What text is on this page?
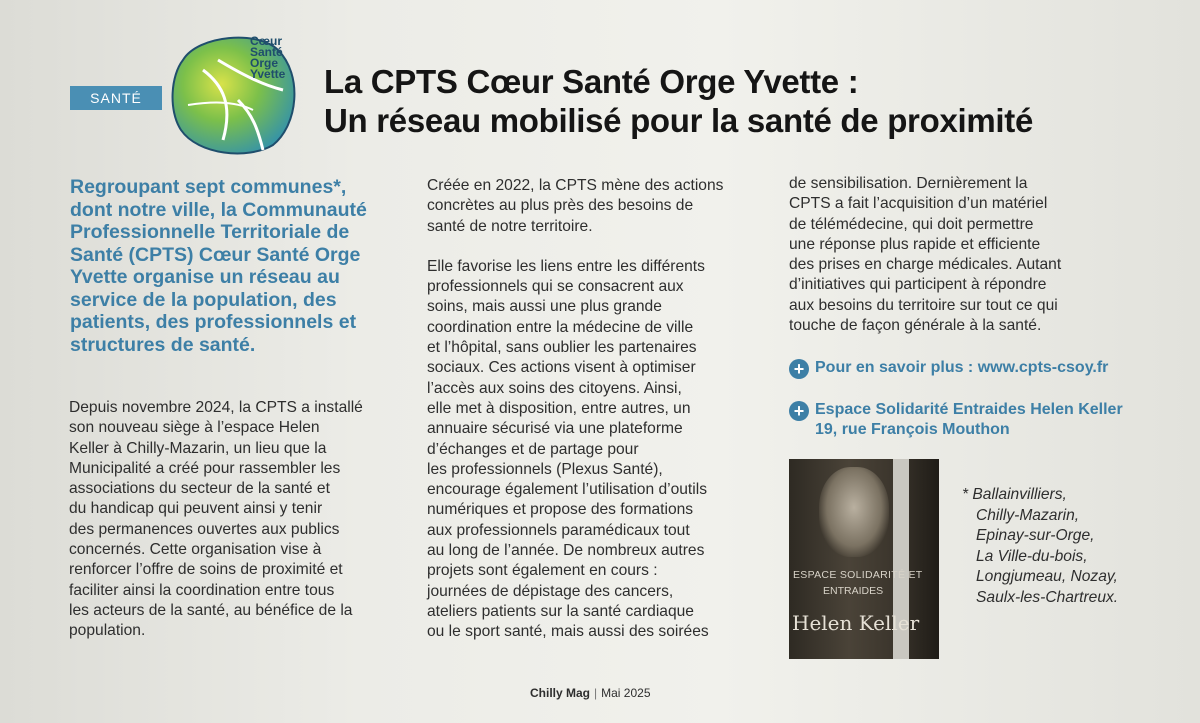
SANTÉ
Cœur
Santé
Orge
Yvette La CPTS Cœur Santé Orge Yvette :
Un réseau mobilisé pour la santé de proximité
Regroupant sept communes*,
dont notre ville, la Communauté
Professionnelle Territoriale de
Santé (CPTS) Cœur Santé Orge
Yvette organise un réseau au
service de la population, des
patients, des professionnels et
structures de santé.
Depuis novembre 2024, la CPTS a installé
son nouveau siège à l’espace Helen
Keller à Chilly-Mazarin, un lieu que la
Municipalité a créé pour rassembler les
associations du secteur de la santé et
du handicap qui peuvent ainsi y tenir
des permanences ouvertes aux publics
concernés. Cette organisation vise à
renforcer l’offre de soins de proximité et
faciliter ainsi la coordination entre tous
les acteurs de la santé, au bénéfice de la
population.

Créée en 2022, la CPTS mène des actions
concrètes au plus près des besoins de
santé de notre territoire.

Elle favorise les liens entre les différents
professionnels qui se consacrent aux
soins, mais aussi une plus grande
coordination entre la médecine de ville
et l’hôpital, sans oublier les partenaires
sociaux. Ces actions visent à optimiser
l’accès aux soins des citoyens. Ainsi,
elle met à disposition, entre autres, un
annuaire sécurisé via une plateforme
d’échanges et de partage pour
les professionnels (Plexus Santé),
encourage également l’utilisation d’outils
numériques et propose des formations
aux professionnels paramédicaux tout
au long de l’année. De nombreux autres
projets sont également en cours :
journées de dépistage des cancers,
ateliers patients sur la santé cardiaque
ou le sport santé, mais aussi des soirées

de sensibilisation. Dernièrement la
CPTS a fait l’acquisition d’un matériel
de télémédecine, qui doit permettre
une réponse plus rapide et efficiente
des prises en charge médicales. Autant
d’initiatives qui participent à répondre
aux besoins du territoire sur tout ce qui
touche de façon générale à la santé.
+ Pour en savoir plus : www.cpts-csoy.fr
+ Espace Solidarité Entraides Helen Keller
19, rue François Mouthon
ESPACE SOLIDARITÉ ET
ENTRAIDES
Helen Keller
* Ballainvilliers,
Chilly-Mazarin,
Epinay-sur-Orge,
La Ville-du-bois,
Longjumeau, Nozay,
Saulx-les-Chartreux.
Chilly Mag | Mai 2025
